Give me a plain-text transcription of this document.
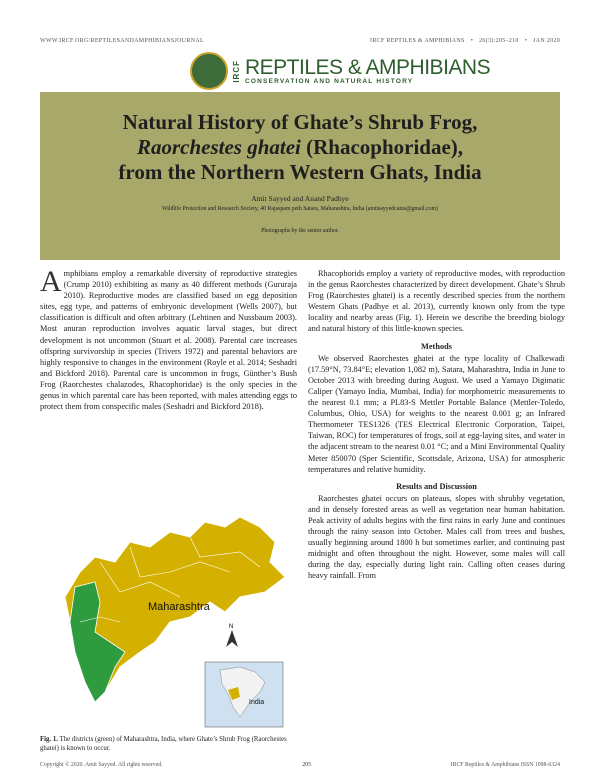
WWW.IRCF.ORG/REPTILESANDAMPHIBIANSJOURNAL	IRCF REPTILES & AMPHIBIANS • 26(3):205–210 • JAN 2020
IRCF REPTILES & AMPHIBIANS
CONSERVATION AND NATURAL HISTORY
Natural History of Ghate’s Shrub Frog,
Raorchestes ghatei (Rhacophoridae),
from the Northern Western Ghats, India
Amit Sayyed and Anand Padhye
Wildlife Protection and Research Society, 40 Rajaspam peth Satara, Maharashtra, India (amitsayyedcatus@gmail.com)
Photographs by the senior author.

Amphibians employ a remarkable diversity of reproductive strategies (Crump 2010) exhibiting as many as 40 different methods (Gururaja 2010). Reproductive modes are classified based on egg deposition sites, egg type, and patterns of embryonic development (Wells 2007), but classification is difficult and often arbitrary (Lehtinen and Nussbaum 2003). Most anuran reproduction involves aquatic larval stages, but direct development is not uncommon (Stuart et al. 2008). Parental care increases offspring survivorship in species (Trivers 1972) and parental behaviors are highly responsive to changes in the environment (Royle et al. 2014; Seshadri and Bickford 2018). Parental care is uncommon in frogs, Günther’s Bush Frog (Raorchestes chalazodes, Rhacophoridae) is the only species in the genus in which parental care has been reported, with males attending eggs to protect them from conspecific males (Seshadri and Bickford 2018).

Maharashtra
N
India
Fig. 1. The districts (green) of Maharashtra, India, where Ghate’s Shrub Frog (Raorchestes ghatei) is known to occur.

Rhacophorids employ a variety of reproductive modes, with reproduction in the genus Raorchestes characterized by direct development. Ghate’s Shrub Frog (Raorchestes ghatei) is a recently described species from the northern Western Ghats (Padhye et al. 2013), currently known only from the type locality and nearby areas (Fig. 1). Herein we describe the breeding biology and natural history of this little-known species.

Methods

We observed Raorchestes ghatei at the type locality of Chalkewadi (17.59°N, 73.84°E; elevation 1,082 m), Satara, Maharashtra, India in June to October 2013 with breeding during August. We used a Yamayo Digimatic Caliper (Yamayo India, Mumbai, India) for morphometric measurements to the nearest 0.1 mm; a PL83-S Mettler Portable Balance (Mettler-Toledo, Columbus, Ohio, USA) for weights to the nearest 0.001 g; an Infrared Thermometer TES1326 (TES Electrical Electronic Corporation, Taipei, Taiwan, ROC) for temperatures of frogs, soil at egg-laying sites, and water in the adjacent stream to the nearest 0.01 °C; and a Mini Environmental Quality Meter 850070 (Sper Scientific, Scottsdale, Arizona, USA) for atmospheric temperatures and relative humidity.

Results and Discussion

Raorchestes ghatei occurs on plateaus, slopes with shrubby vegetation, and in densely forested areas as well as vegetation near human habitation. Peak activity of adults begins with the first rains in early June and continues through the rainy season into October. Males call from trees and bushes, usually beginning around 1800 h but sometimes earlier, and continuing past midnight and often throughout the night. However, some males will call during the day, especially during light rain. Calling often ceases during heavy rainfall. From

Copyright © 2020. Amit Sayyed. All rights reserved.	205	IRCF Reptiles & Amphibians ISSN 1098-6324
